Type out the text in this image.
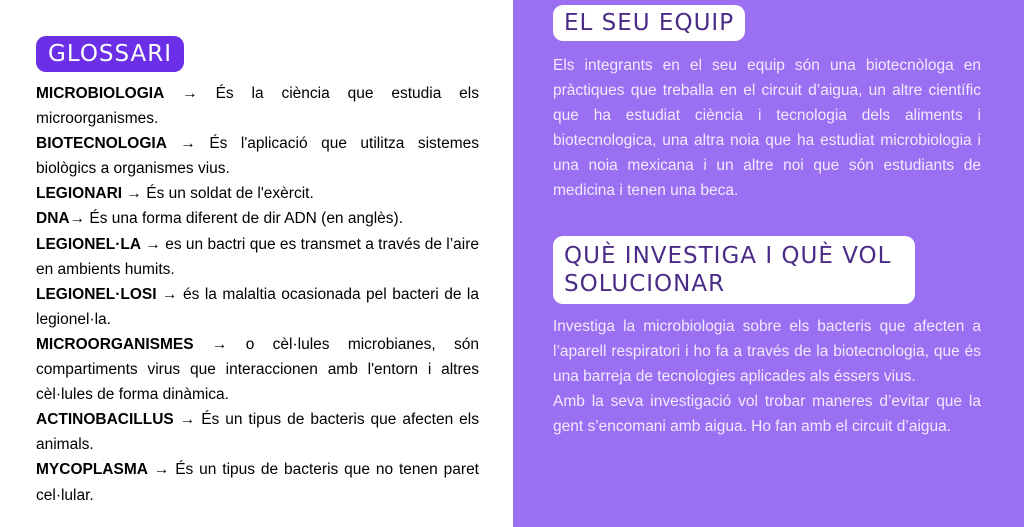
GLOSSARI

MICROBIOLOGIA → És la ciència que estudia els microorganismes.

BIOTECNOLOGIA → És l'aplicació que utilitza sistemes biològics a organismes vius.

LEGIONARI → És un soldat de l'exèrcit.

DNA→ És una forma diferent de dir ADN (en anglès).

LEGIONEL·LA → es un bactri que es transmet a través de l’aire en ambients humits.

LEGIONEL·LOSI → és la malaltia ocasionada pel bacteri de la legionel·la.

MICROORGANISMES → o cèl·lules microbianes, són compartiments virus que interaccionen amb l'entorn i altres cèl·lules de forma dinàmica.

ACTINOBACILLUS → És un tipus de bacteris que afecten els animals.

MYCOPLASMA → És un tipus de bacteris que no tenen paret cel·lular.

EL SEU EQUIP
Els integrants en el seu equip són una biotecnòloga en pràctiques que treballa en el circuit d’aigua, un altre científic que ha estudiat ciència i tecnologia dels aliments i biotecnologica, una altra noia que ha estudiat microbiologia i una noia mexicana i un altre noi que són estudiants de medicina i tenen una beca.
QUÈ INVESTIGA I QUÈ VOL SOLUCIONAR
Investiga la microbiologia sobre els bacteris que afecten a l’aparell respiratori i ho fa a través de la biotecnologia, que és una barreja de tecnologies aplicades als éssers vius.
Amb la seva investigació vol trobar maneres d’evitar que la gent s’encomani amb aigua. Ho fan amb el circuit d’aigua.
